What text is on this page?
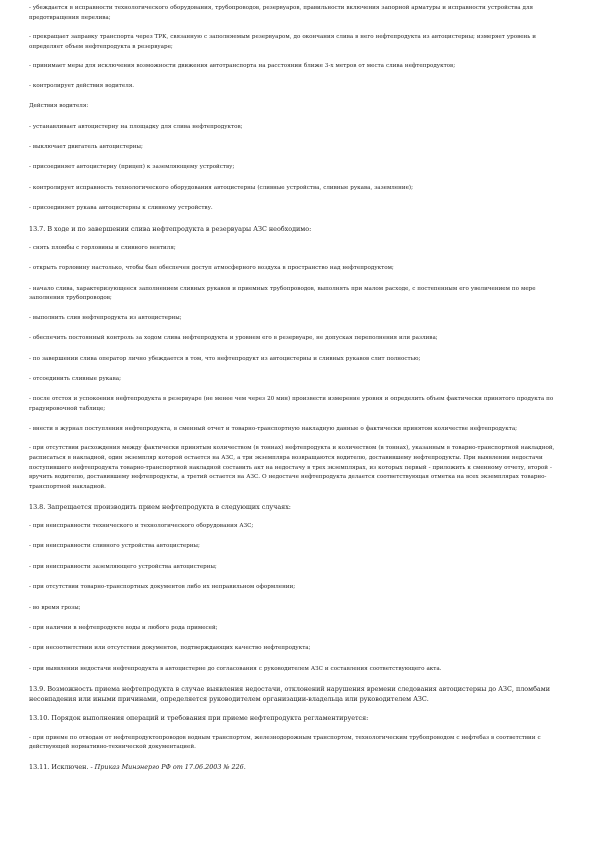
- убеждается в исправности технологического оборудования, трубопроводов, резервуаров, правильности включения запорной арматуры и исправности устройства для предотвращения перелива;

- прекращает заправку транспорта через ТРК, связанную с заполняемым резервуаром, до окончания слива в него нефтепродукта из автоцистерны; измеряет уровень и определяет объем нефтепродукта в резервуаре;

- принимает меры для исключения возможности движения автотранспорта на расстоянии ближе 3-х метров от места слива нефтепродуктов;

- контролирует действия водителя.

Действия водителя:

- устанавливает автоцистерну на площадку для слива нефтепродуктов;

- выключает двигатель автоцистерны;

- присоединяет автоцистерну (прицеп) к заземляющему устройству;

- контролирует исправность технологического оборудования автоцистерны (сливные устройства, сливные рукава, заземление);

- присоединяет рукава автоцистерны к сливному устройству.

13.7. В ходе и по завершении слива нефтепродукта в резервуары АЗС необходимо:

- снять пломбы с горловины и сливного вентиля;

- открыть горловину настолько, чтобы был обеспечен доступ атмосферного воздуха в пространство над нефтепродуктом;

- начало слива, характеризующееся заполнением сливных рукавов и приемных трубопроводов, выполнять при малом расходе, с постепенным его увеличением по мере заполнения трубопроводов;

- выполнить слив нефтепродукта из автоцистерны;

- обеспечить постоянный контроль за ходом слива нефтепродукта и уровнем его в резервуаре, не допуская переполнения или разлива;

- по завершении слива оператор лично убеждается в том, что нефтепродукт из автоцистерны и сливных рукавов слит полностью;

- отсоединить сливные рукава;

- после отстоя и успокоения нефтепродукта в резервуаре (не менее чем через 20 мин) произвести измерение уровня и определить объем фактически принятого продукта по градуировочной таблице;

- внести в журнал поступления нефтепродукта, в сменный отчет и товарно-транспортную накладную данные о фактически принятом количестве нефтепродукта;

- при отсутствии расхождения между фактически принятым количеством (в тоннах) нефтепродукта и количеством (в тоннах), указанным в товарно-транспортной накладной, расписаться в накладной, один экземпляр которой остается на АЗС, а три экземпляра возвращаются водителю, доставившему нефтепродукты. При выявлении недостачи поступившего нефтепродукта товарно-транспортной накладной составить акт на недостачу в трех экземплярах, из которых первый - приложить к сменному отчету, второй - вручить водителю, доставившему нефтепродукты, а третий остается на АЗС. О недостаче нефтепродукта делается соответствующая отметка на всех экземплярах товарно-транспортной накладной.

13.8. Запрещается производить прием нефтепродукта в следующих случаях:

- при неисправности технического и технологического оборудования АЗС;

- при неисправности сливного устройства автоцистерны;

- при неисправности заземляющего устройства автоцистерны;

- при отсутствии товарно-транспортных документов либо их неправильном оформлении;

- во время грозы;

- при наличии в нефтепродукте воды и любого рода примесей;

- при несоответствии или отсутствии документов, подтверждающих качество нефтепродукта;

- при выявлении недостачи нефтепродукта в автоцистерне до согласования с руководителем АЗС и составления соответствующего акта.

13.9. Возможность приема нефтепродукта в случае выявления недостачи, отклонений нарушения времени следования автоцистерны до АЗС, пломбами несовпадения или иными причинами, определяется руководителем организации-владельца или руководителем АЗС.

13.10. Порядок выполнения операций и требования при приеме нефтепродукта регламентируется:

- при приеме по отводам от нефтепродуктопроводов водным транспортом, железнодорожным транспортом, технологическим трубопроводом с нефтебаз в соответствии с действующей нормативно-технической документацией.

13.11. Исключен. - Приказ Минэнерго РФ от 17.06.2003 № 226.
